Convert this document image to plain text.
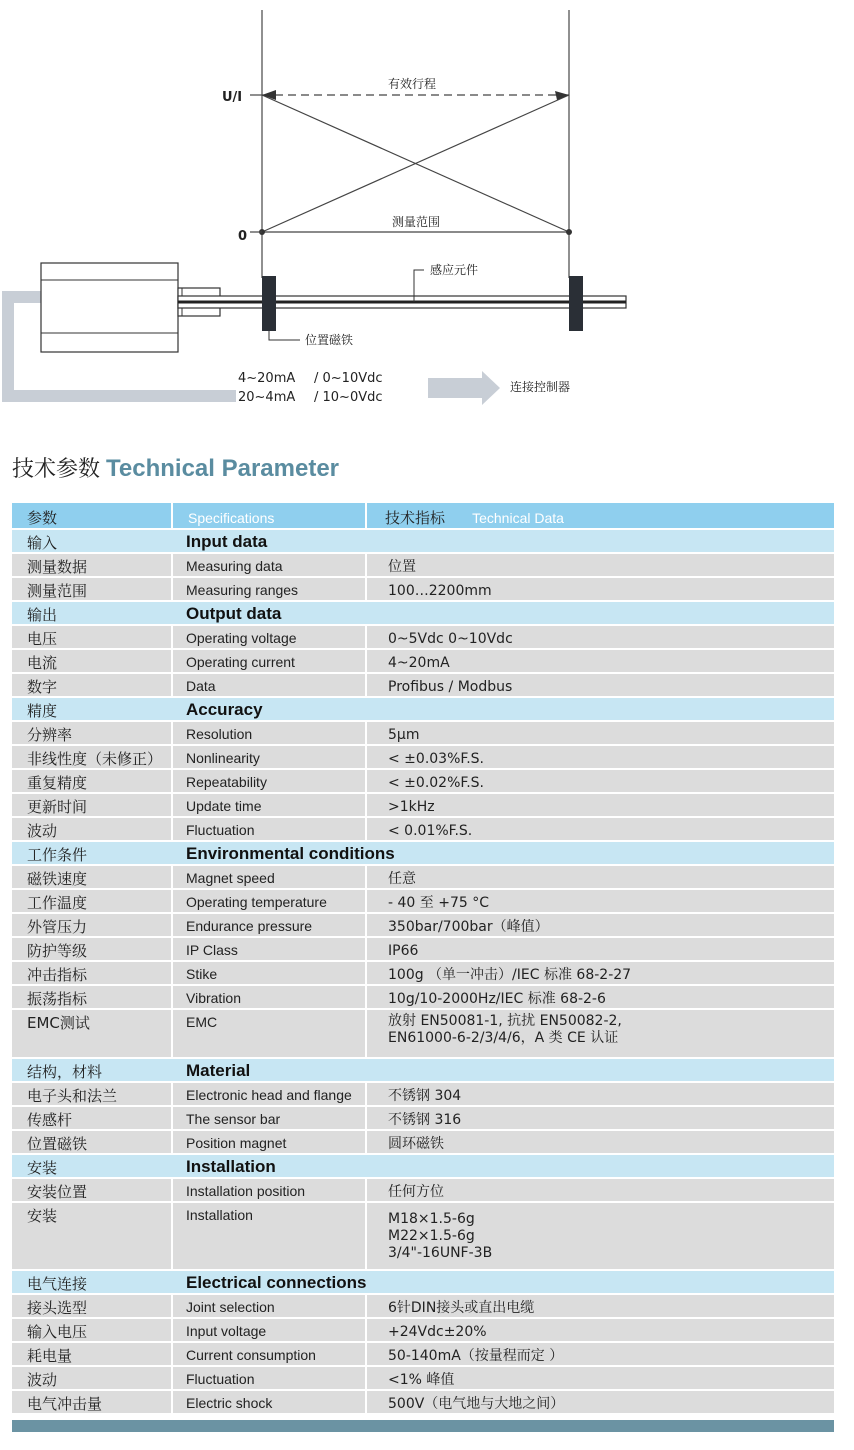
U/I
0
有效行程
测量范围
感应元件
位置磁铁
4~20mA / 0~10Vdc
20~4mA / 10~0Vdc
连接控制器
技术参数 Technical Parameter
参数	Specifications	技术指标 Technical Data
输入	Input data
测量数据	Measuring data	位置
测量范围	Measuring ranges	100…2200mm
输出	Output data
电压	Operating voltage	0~5Vdc 0~10Vdc
电流	Operating current	4~20mA
数字	Data	Profibus / Modbus
精度	Accuracy
分辨率	Resolution	5µm
非线性度（未修正）	Nonlinearity	< ±0.03%F.S.
重复精度	Repeatability	< ±0.02%F.S.
更新时间	Update time	>1kHz
波动	Fluctuation	< 0.01%F.S.
工作条件	Environmental conditions
磁铁速度	Magnet speed	任意
工作温度	Operating temperature	- 40 至 +75 °C
外管压力	Endurance pressure	350bar/700bar（峰值）
防护等级	IP Class	IP66
冲击指标	Stike	100g （单一冲击）/IEC 标准 68-2-27
振荡指标	Vibration	10g/10-2000Hz/IEC 标准 68-2-6
EMC测试	EMC	放射 EN50081-1, 抗扰 EN50082-2,
EN61000-6-2/3/4/6，A 类 CE 认证
结构，材料	Material
电子头和法兰	Electronic head and flange	不锈钢 304
传感杆	The sensor bar	不锈钢 316
位置磁铁	Position magnet	圆环磁铁
安装	Installation
安装位置	Installation position	任何方位
安装	Installation	M18×1.5-6g
M22×1.5-6g
3/4"-16UNF-3B
电气连接	Electrical connections
接头选型	Joint selection	6针DIN接头或直出电缆
输入电压	Input voltage	+24Vdc±20%
耗电量	Current consumption	50-140mA（按量程而定 ）
波动	Fluctuation	<1% 峰值
电气冲击量	Electric shock	500V（电气地与大地之间）
